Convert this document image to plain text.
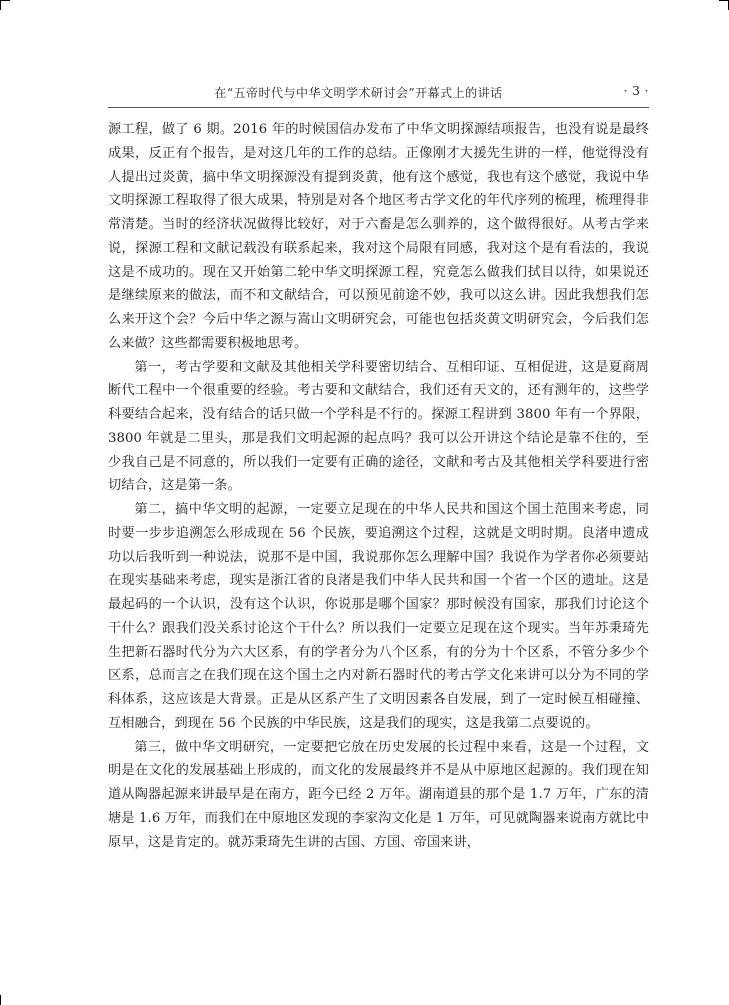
在“五帝时代与中华文明学术研讨会”开幕式上的讲话	· 3 ·

源工程，做了 6 期。2016 年的时候国信办发布了中华文明探源结项报告，也没有说是最终成果，反正有个报告，是对这几年的工作的总结。正像刚才大援先生讲的一样，他觉得没有人提出过炎黄，搞中华文明探源没有提到炎黄，他有这个感觉，我也有这个感觉，我说中华文明探源工程取得了很大成果，特别是对各个地区考古学文化的年代序列的梳理，梳理得非常清楚。当时的经济状况做得比较好，对于六畜是怎么驯养的，这个做得很好。从考古学来说，探源工程和文献记载没有联系起来，我对这个局限有同感，我对这个是有看法的，我说这是不成功的。现在又开始第二轮中华文明探源工程，究竟怎么做我们拭目以待，如果说还是继续原来的做法，而不和文献结合，可以预见前途不妙，我可以这么讲。因此我想我们怎么来开这个会？今后中华之源与嵩山文明研究会，可能也包括炎黄文明研究会，今后我们怎么来做？这些都需要积极地思考。

第一，考古学要和文献及其他相关学科要密切结合、互相印证、互相促进，这是夏商周断代工程中一个很重要的经验。考古要和文献结合，我们还有天文的，还有测年的，这些学科要结合起来，没有结合的话只做一个学科是不行的。探源工程讲到 3800 年有一个界限，3800 年就是二里头，那是我们文明起源的起点吗？我可以公开讲这个结论是靠不住的，至少我自己是不同意的，所以我们一定要有正确的途径，文献和考古及其他相关学科要进行密切结合，这是第一条。

第二，搞中华文明的起源，一定要立足现在的中华人民共和国这个国土范围来考虑，同时要一步步追溯怎么形成现在 56 个民族，要追溯这个过程，这就是文明时期。良渚申遗成功以后我听到一种说法，说那不是中国，我说那你怎么理解中国？我说作为学者你必须要站在现实基础来考虑，现实是浙江省的良渚是我们中华人民共和国一个省一个区的遗址。这是最起码的一个认识，没有这个认识，你说那是哪个国家？那时候没有国家，那我们讨论这个干什么？跟我们没关系讨论这个干什么？所以我们一定要立足现在这个现实。当年苏秉琦先生把新石器时代分为六大区系，有的学者分为八个区系，有的分为十个区系，不管分多少个区系，总而言之在我们现在这个国土之内对新石器时代的考古学文化来讲可以分为不同的学科体系，这应该是大背景。正是从区系产生了文明因素各自发展，到了一定时候互相碰撞、互相融合，到现在 56 个民族的中华民族，这是我们的现实，这是我第二点要说的。

第三，做中华文明研究，一定要把它放在历史发展的长过程中来看，这是一个过程，文明是在文化的发展基础上形成的，而文化的发展最终并不是从中原地区起源的。我们现在知道从陶器起源来讲最早是在南方，距今已经 2 万年。湖南道县的那个是 1.7 万年，广东的清塘是 1.6 万年，而我们在中原地区发现的李家沟文化是 1 万年，可见就陶器来说南方就比中原早，这是肯定的。就苏秉琦先生讲的古国、方国、帝国来讲，
